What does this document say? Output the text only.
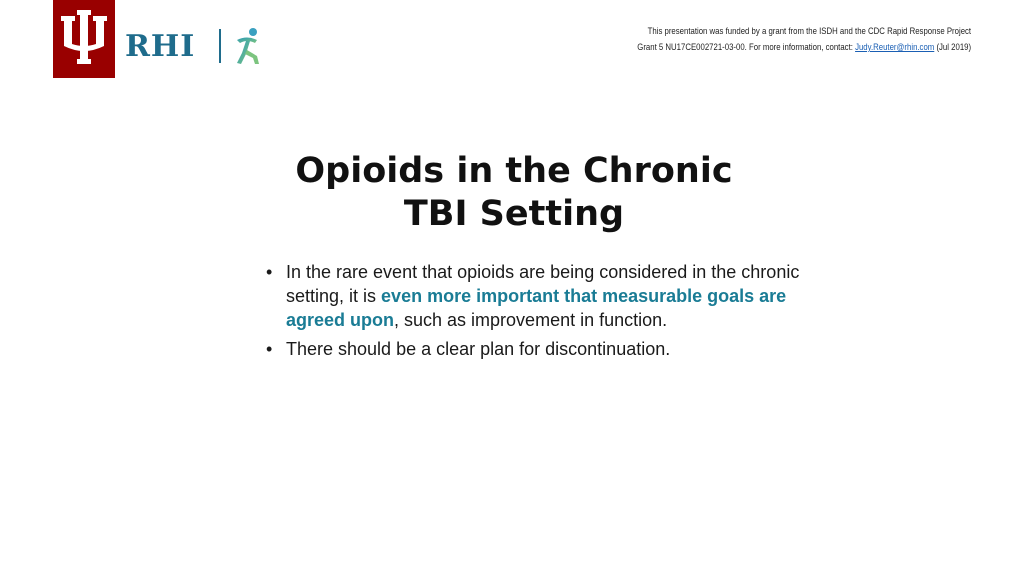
RHI	This presentation was funded by a grant from the ISDH and the CDC Rapid Response Project
Grant 5 NU17CE002721-03-00. For more information, contact: Judy.Reuter@rhin.com (Jul 2019)
Opioids in the Chronic
TBI Setting
• In the rare event that opioids are being considered in the chronic setting, it is even more important that measurable goals are agreed upon, such as improvement in function.
• There should be a clear plan for discontinuation.
